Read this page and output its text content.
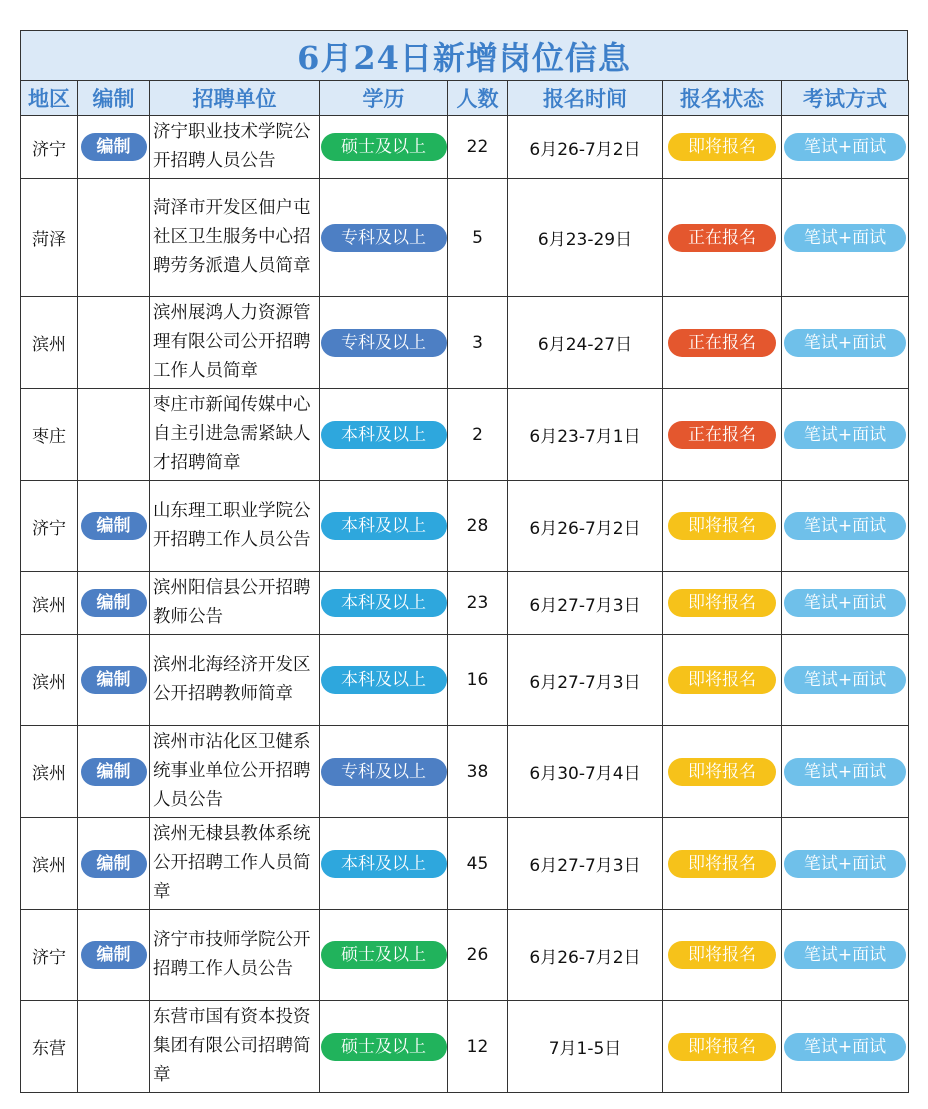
6月24日新增岗位信息
地区	编制	招聘单位	学历	人数	报名时间	报名状态	考试方式
济宁	编制	济宁职业技术学院公开招聘人员公告	硕士及以上	22	6月26-7月2日	即将报名	笔试+面试
菏泽		菏泽市开发区佃户屯社区卫生服务中心招聘劳务派遣人员简章	专科及以上	5	6月23-29日	正在报名	笔试+面试
滨州		滨州展鸿人力资源管理有限公司公开招聘工作人员简章	专科及以上	3	6月24-27日	正在报名	笔试+面试
枣庄		枣庄市新闻传媒中心自主引进急需紧缺人才招聘简章	本科及以上	2	6月23-7月1日	正在报名	笔试+面试
济宁	编制	山东理工职业学院公开招聘工作人员公告	本科及以上	28	6月26-7月2日	即将报名	笔试+面试
滨州	编制	滨州阳信县公开招聘教师公告	本科及以上	23	6月27-7月3日	即将报名	笔试+面试
滨州	编制	滨州北海经济开发区公开招聘教师简章	本科及以上	16	6月27-7月3日	即将报名	笔试+面试
滨州	编制	滨州市沾化区卫健系统事业单位公开招聘人员公告	专科及以上	38	6月30-7月4日	即将报名	笔试+面试
滨州	编制	滨州无棣县教体系统公开招聘工作人员简章	本科及以上	45	6月27-7月3日	即将报名	笔试+面试
济宁	编制	济宁市技师学院公开招聘工作人员公告	硕士及以上	26	6月26-7月2日	即将报名	笔试+面试
东营		东营市国有资本投资集团有限公司招聘简章	硕士及以上	12	7月1-5日	即将报名	笔试+面试
